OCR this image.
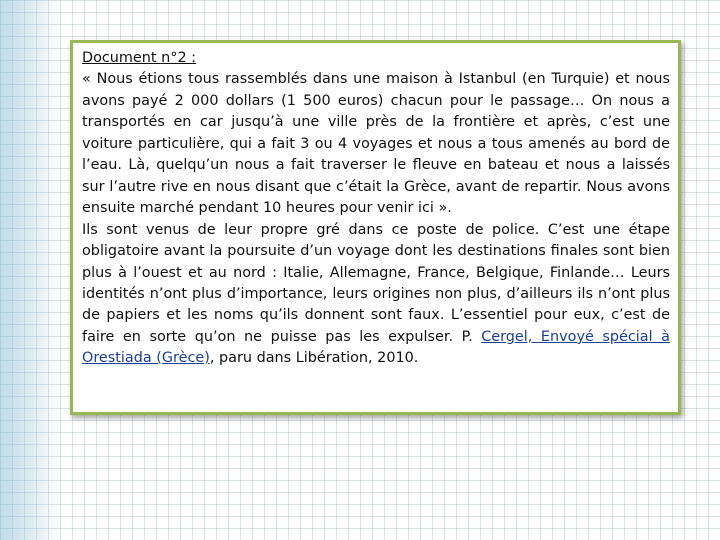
Document n°2 :

« Nous étions tous rassemblés dans une maison à Istanbul (en Turquie) et nous avons payé 2 000 dollars (1 500 euros) chacun pour le passage… On nous a transportés en car jusqu’à une ville près de la frontière et après, c’est une voiture particulière, qui a fait 3 ou 4 voyages et nous a tous amenés au bord de l’eau. Là, quelqu’un nous a fait traverser le fleuve en bateau et nous a laissés sur l’autre rive en nous disant que c’était la Grèce, avant de repartir. Nous avons ensuite marché pendant 10 heures pour venir ici ».

Ils sont venus de leur propre gré dans ce poste de police. C’est une étape obligatoire avant la poursuite d’un voyage dont les destinations finales sont bien plus à l’ouest et au nord : Italie, Allemagne, France, Belgique, Finlande… Leurs identités n’ont plus d’importance, leurs origines non plus, d’ailleurs ils n’ont plus de papiers et les noms qu’ils donnent sont faux. L’essentiel pour eux, c’est de faire en sorte qu’on ne puisse pas les expulser. P. Cergel, Envoyé spécial à Orestiada (Grèce), paru dans Libération, 2010.
